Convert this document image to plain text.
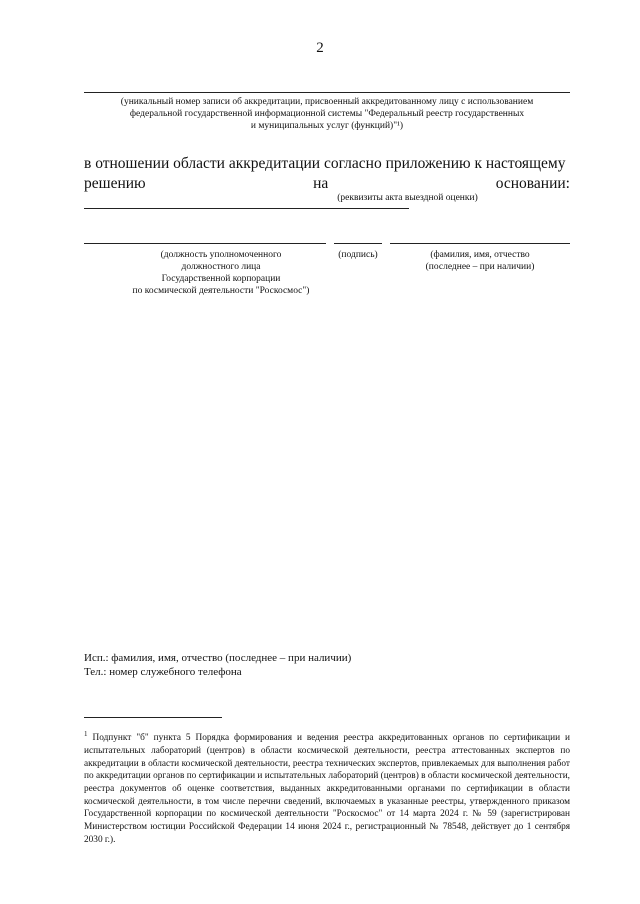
2
(уникальный номер записи об аккредитации, присвоенный аккредитованному лицу с использованием
федеральной государственной информационной системы "Федеральный реестр государственных
и муниципальных услуг (функций)"¹)
в отношении области аккредитации согласно приложению к настоящему
решению на основании:
(реквизиты акта выездной оценки)
(должность уполномоченного
должностного лица
Государственной корпорации
по космической деятельности "Роскосмос")
(подпись)	(фамилия, имя, отчество
(последнее – при наличии)
Исп.: фамилия, имя, отчество (последнее – при наличии)
Тел.: номер служебного телефона
$^1$ Подпункт "б" пункта 5 Порядка формирования и ведения реестра аккредитованных органов по сертификации и испытательных лабораторий (центров) в области космической деятельности, реестра аттестованных экспертов по аккредитации в области космической деятельности, реестра технических экспертов, привлекаемых для выполнения работ по аккредитации органов по сертификации и испытательных лабораторий (центров) в области космической деятельности, реестра документов об оценке соответствия, выданных аккредитованными органами по сертификации в области космической деятельности, в том числе перечни сведений, включаемых в указанные реестры, утвержденного приказом Государственной корпорации по космической деятельности "Роскосмос" от 14 марта 2024 г. № 59 (зарегистрирован Министерством юстиции Российской Федерации 14 июня 2024 г., регистрационный № 78548, действует до 1 сентября 2030 г.).
